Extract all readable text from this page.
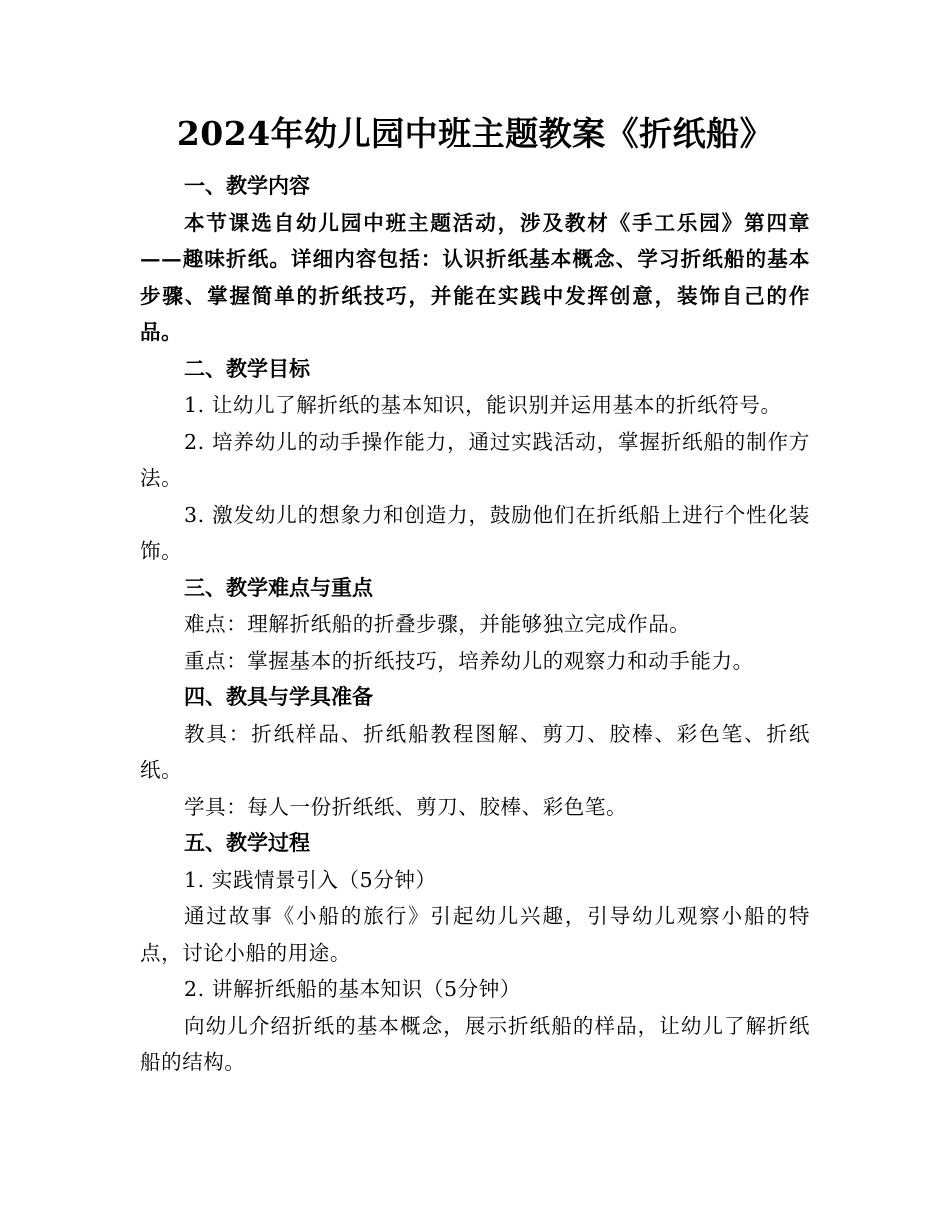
2024年幼儿园中班主题教案《折纸船》

一、教学内容

本节课选自幼儿园中班主题活动，涉及教材《手工乐园》第四章——趣味折纸。详细内容包括：认识折纸基本概念、学习折纸船的基本步骤、掌握简单的折纸技巧，并能在实践中发挥创意，装饰自己的作品。

二、教学目标

1. 让幼儿了解折纸的基本知识，能识别并运用基本的折纸符号。

2. 培养幼儿的动手操作能力，通过实践活动，掌握折纸船的制作方法。

3. 激发幼儿的想象力和创造力，鼓励他们在折纸船上进行个性化装饰。

三、教学难点与重点

难点：理解折纸船的折叠步骤，并能够独立完成作品。

重点：掌握基本的折纸技巧，培养幼儿的观察力和动手能力。

四、教具与学具准备

教具：折纸样品、折纸船教程图解、剪刀、胶棒、彩色笔、折纸纸。

学具：每人一份折纸纸、剪刀、胶棒、彩色笔。

五、教学过程

1. 实践情景引入（5分钟）

通过故事《小船的旅行》引起幼儿兴趣，引导幼儿观察小船的特点，讨论小船的用途。

2. 讲解折纸船的基本知识（5分钟）

向幼儿介绍折纸的基本概念，展示折纸船的样品，让幼儿了解折纸船的结构。
